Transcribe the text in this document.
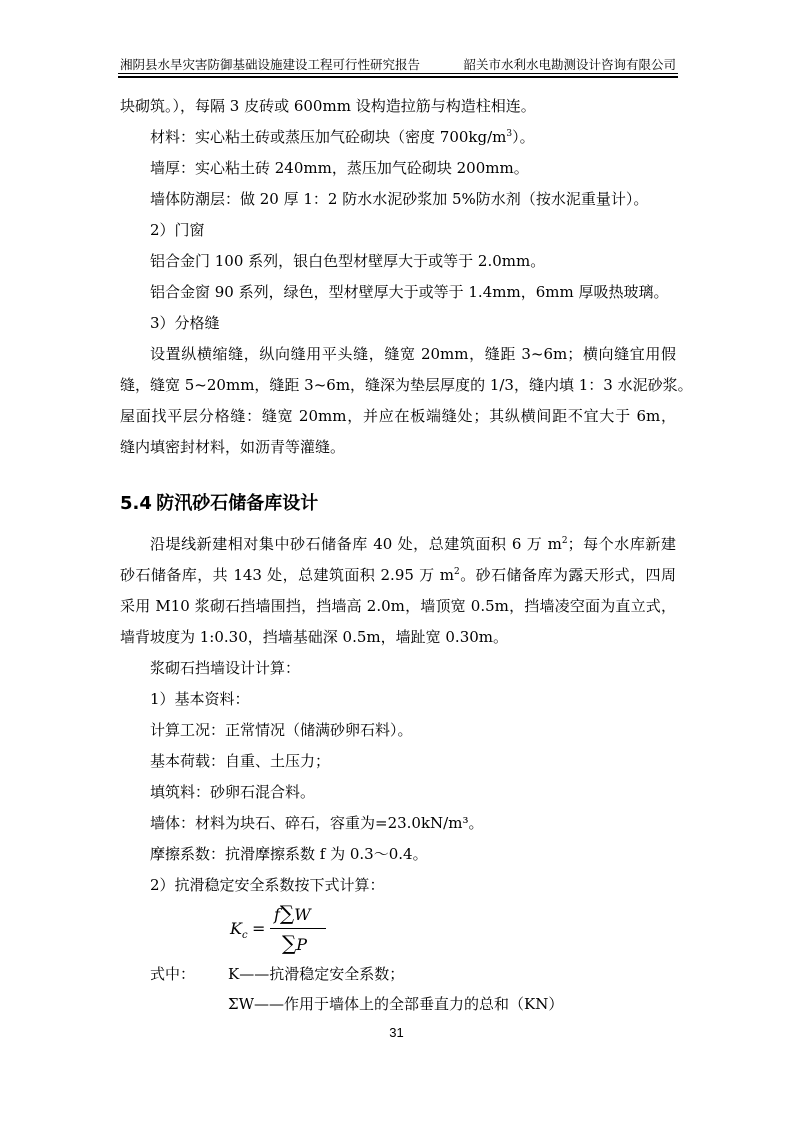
湘阴县水旱灾害防御基础设施建设工程可行性研究报告	韶关市水利水电勘测设计咨询有限公司
块砌筑。），每隔 3 皮砖或 600mm 设构造拉筋与构造柱相连。
材料：实心粘土砖或蒸压加气砼砌块（密度 $700kg/m^3$）。
墙厚：实心粘土砖 240mm，蒸压加气砼砌块 200mm。
墙体防潮层：做 20 厚 1：2 防水水泥砂浆加 5%防水剂（按水泥重量计）。
2）门窗
铝合金门 100 系列，银白色型材壁厚大于或等于 2.0mm。
铝合金窗 90 系列，绿色，型材壁厚大于或等于 1.4mm，6mm 厚吸热玻璃。
3）分格缝
设置纵横缩缝，纵向缝用平头缝，缝宽 20mm，缝距 3~6m；横向缝宜用假
缝，缝宽 5~20mm，缝距 3~6m，缝深为垫层厚度的 1/3，缝内填 1：3 水泥砂浆。
屋面找平层分格缝：缝宽 20mm，并应在板端缝处；其纵横间距不宜大于 6m，
缝内填密封材料，如沥青等灌缝。
5.4 防汛砂石储备库设计
沿堤线新建相对集中砂石储备库 40 处，总建筑面积 6 万 $m^2$；每个水库新建
砂石储备库，共 143 处，总建筑面积 2.95 万 $m^2$。砂石储备库为露天形式，四周
采用 M10 浆砌石挡墙围挡，挡墙高 2.0m，墙顶宽 0.5m，挡墙凌空面为直立式，
墙背坡度为 1:0.30，挡墙基础深 0.5m，墙趾宽 0.30m。
浆砌石挡墙设计计算：
1）基本资料：
计算工况：正常情况（储满砂卵石料）。
基本荷载：自重、土压力；
填筑料：砂卵石混合料。
墙体：材料为块石、碎石，容重为=23.0kN/m³。
摩擦系数：抗滑摩擦系数 f 为 0.3～0.4。
2）抗滑稳定安全系数按下式计算：
$K_c$ =
f∑W
∑P
式中： K——抗滑稳定安全系数；
ΣW——作用于墙体上的全部垂直力的总和（KN）
31
